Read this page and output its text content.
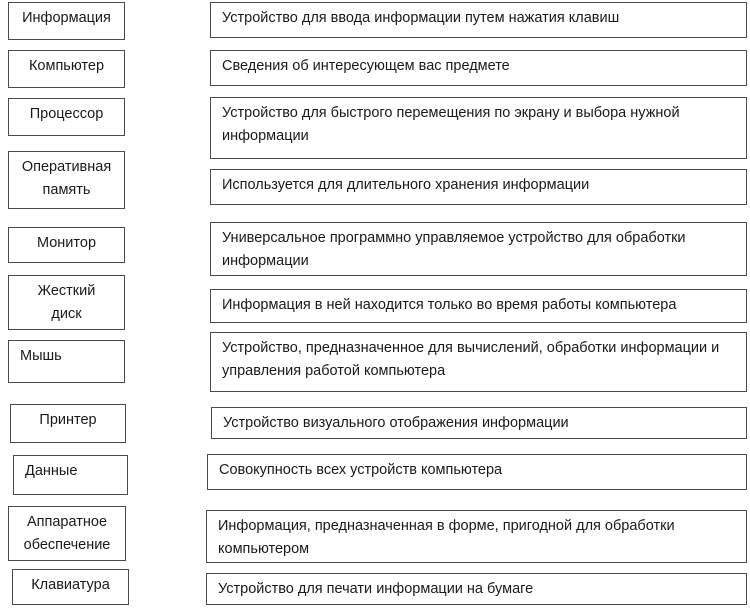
Информация
Компьютер
Процессор
Оперативная
память
Монитор
Жесткий
диск
Мышь
Принтер
Данные
Аппаратное
обеспечение
Клавиатура
Устройство для ввода информации путем нажатия клавиш
Сведения об интересующем вас предмете
Устройство для быстрого перемещения по экрану и выбора нужной информации
Используется для длительного хранения информации
Универсальное программно управляемое устройство для обработки информации
Информация в ней находится только во время работы компьютера
Устройство, предназначенное для вычислений, обработки информации и управления работой компьютера
Устройство визуального отображения информации
Совокупность всех устройств компьютера
Информация, предназначенная в форме, пригодной для обработки компьютером
Устройство для печати информации на бумаге
